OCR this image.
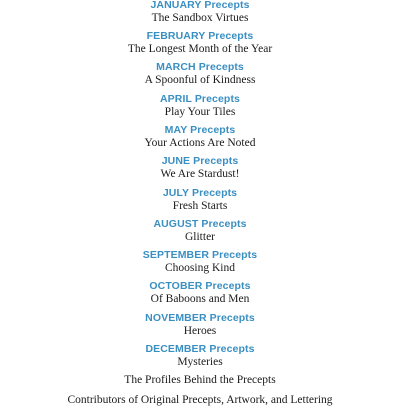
JANUARY Precepts
The Sandbox Virtues
FEBRUARY Precepts
The Longest Month of the Year
MARCH Precepts
A Spoonful of Kindness
APRIL Precepts
Play Your Tiles
MAY Precepts
Your Actions Are Noted
JUNE Precepts
We Are Stardust!
JULY Precepts
Fresh Starts
AUGUST Precepts
Glitter
SEPTEMBER Precepts
Choosing Kind
OCTOBER Precepts
Of Baboons and Men
NOVEMBER Precepts
Heroes
DECEMBER Precepts
Mysteries
The Profiles Behind the Precepts
Contributors of Original Precepts, Artwork, and Lettering
